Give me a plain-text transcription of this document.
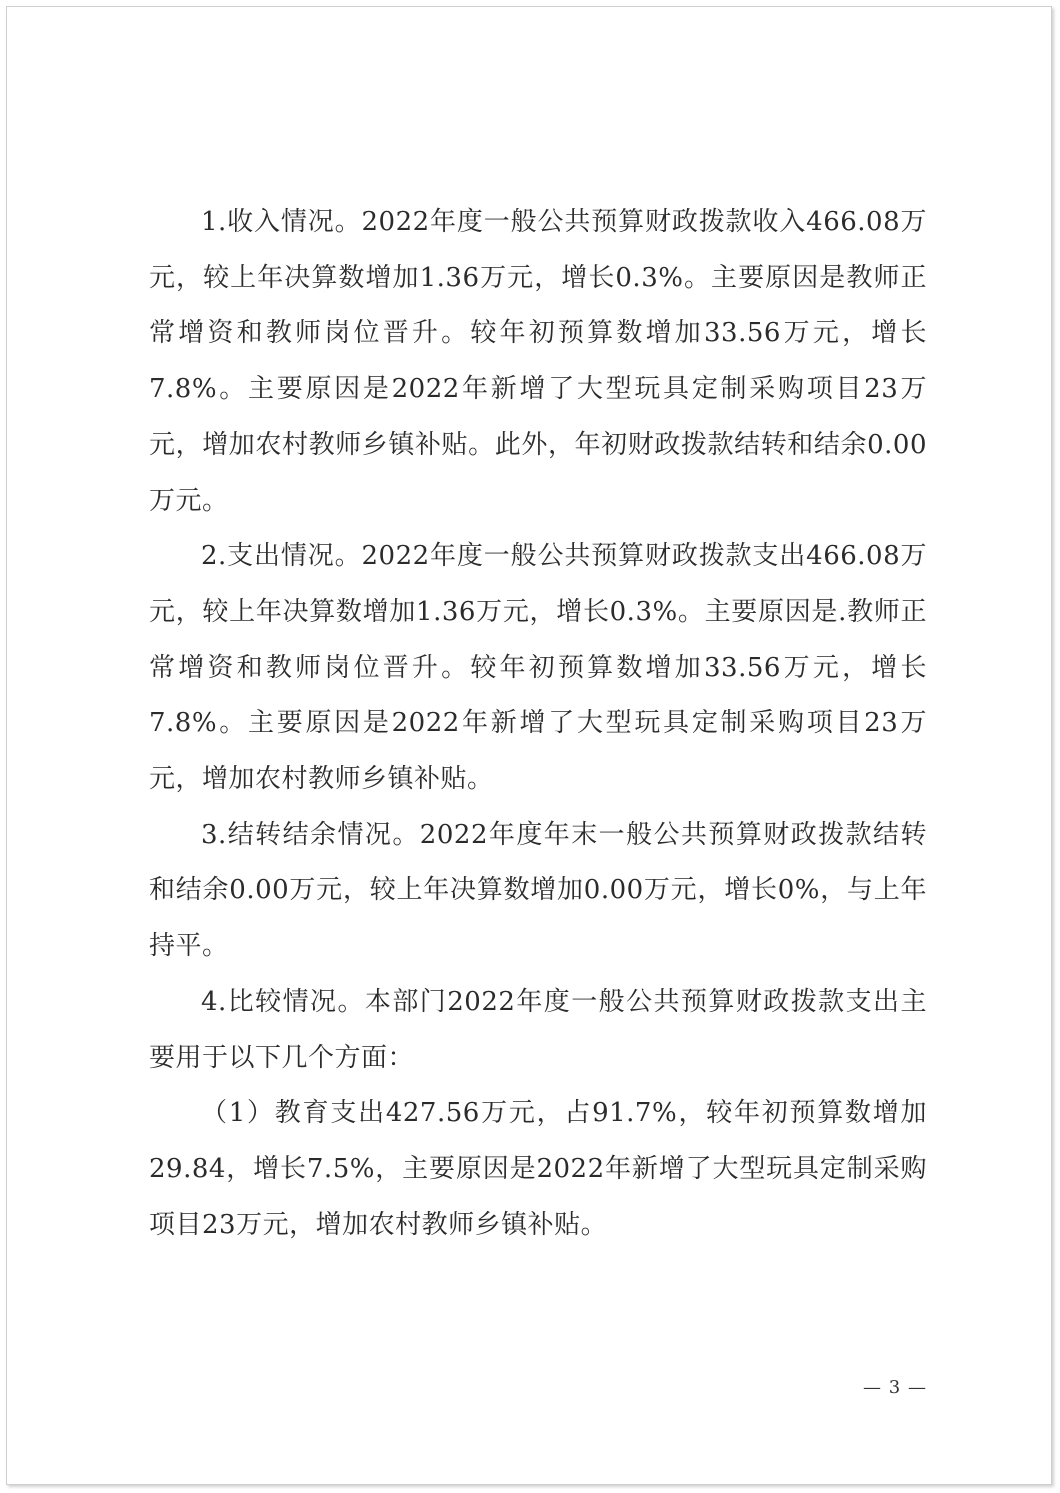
1.收入情况。2022年度一般公共预算财政拨款收入466.08万元，较上年决算数增加1.36万元，增长0.3%。主要原因是教师正常增资和教师岗位晋升。较年初预算数增加33.56万元，增长7.8%。主要原因是2022年新增了大型玩具定制采购项目23万元，增加农村教师乡镇补贴。此外，年初财政拨款结转和结余0.00万元。

2.支出情况。2022年度一般公共预算财政拨款支出466.08万元，较上年决算数增加1.36万元，增长0.3%。主要原因是.教师正常增资和教师岗位晋升。较年初预算数增加33.56万元，增长7.8%。主要原因是2022年新增了大型玩具定制采购项目23万元，增加农村教师乡镇补贴。

3.结转结余情况。2022年度年末一般公共预算财政拨款结转和结余0.00万元，较上年决算数增加0.00万元，增长0%，与上年持平。

4.比较情况。本部门2022年度一般公共预算财政拨款支出主要用于以下几个方面：

（1）教育支出427.56万元，占91.7%，较年初预算数增加29.84，增长7.5%，主要原因是2022年新增了大型玩具定制采购项目23万元，增加农村教师乡镇补贴。

— 3 —
